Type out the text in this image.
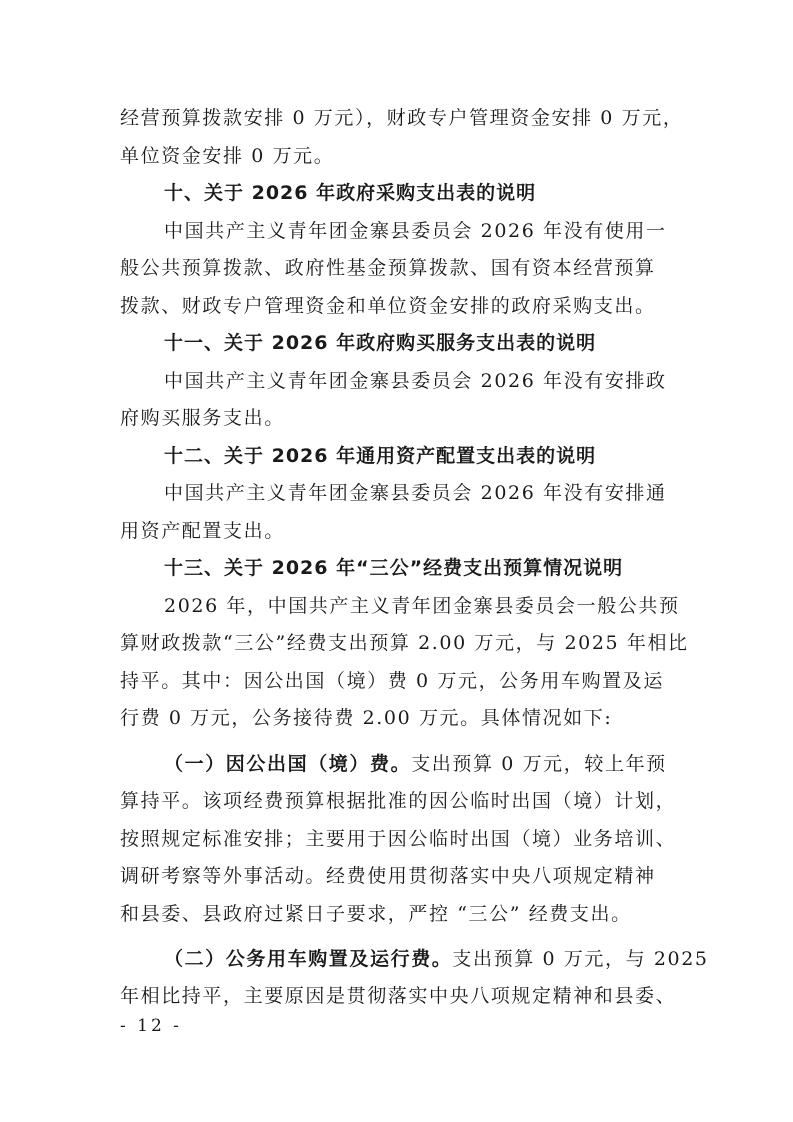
经营预算拨款安排 0 万元），财政专户管理资金安排 0 万元，
单位资金安排 0 万元。
十、关于 2026 年政府采购支出表的说明
中国共产主义青年团金寨县委员会 2026 年没有使用一
般公共预算拨款、政府性基金预算拨款、国有资本经营预算
拨款、财政专户管理资金和单位资金安排的政府采购支出。
十一、关于 2026 年政府购买服务支出表的说明
中国共产主义青年团金寨县委员会 2026 年没有安排政
府购买服务支出。
十二、关于 2026 年通用资产配置支出表的说明
中国共产主义青年团金寨县委员会 2026 年没有安排通
用资产配置支出。
十三、关于 2026 年“三公”经费支出预算情况说明
2026 年，中国共产主义青年团金寨县委员会一般公共预
算财政拨款“三公”经费支出预算 2.00 万元，与 2025 年相比
持平。其中：因公出国（境）费 0 万元，公务用车购置及运
行费 0 万元，公务接待费 2.00 万元。具体情况如下:
（一）因公出国（境）费。支出预算 0 万元，较上年预
算持平。该项经费预算根据批准的因公临时出国（境）计划，
按照规定标准安排；主要用于因公临时出国（境）业务培训、
调研考察等外事活动。经费使用贯彻落实中央八项规定精神
和县委、县政府过紧日子要求，严控 “三公” 经费支出。
（二）公务用车购置及运行费。支出预算 0 万元，与 2025
年相比持平，主要原因是贯彻落实中央八项规定精神和县委、
- 12 -
